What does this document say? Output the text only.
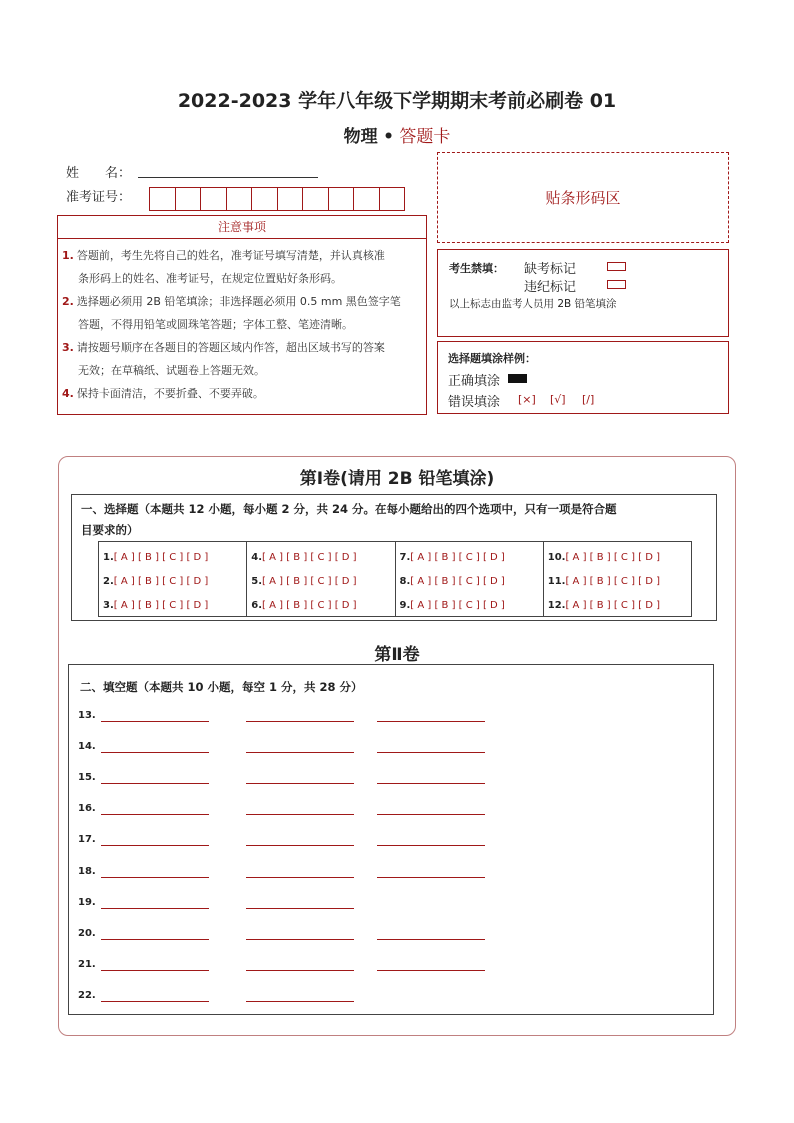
2022-2023 学年八年级下学期期末考前必刷卷 01
物理 • 答题卡
姓　　名：
准考证号：	贴条形码区
注意事项
1. 答题前，考生先将自己的姓名，准考证号填写清楚，并认真核准
条形码上的姓名、准考证号，在规定位置贴好条形码。
2. 选择题必须用 2B 铅笔填涂；非选择题必须用 0.5 mm 黑色签字笔
答题，不得用铅笔或圆珠笔答题；字体工整、笔迹清晰。
3. 请按题号顺序在各题目的答题区域内作答，超出区域书写的答案
无效；在草稿纸、试题卷上答题无效。
4. 保持卡面清洁，不要折叠、不要弄破。
考生禁填： 缺考标记
违纪标记
以上标志由监考人员用 2B 铅笔填涂
选择题填涂样例：
正确填涂
错误填涂 [×] [√] [/]
第Ⅰ卷(请用 2B 铅笔填涂)
一、选择题（本题共 12 小题，每小题 2 分，共 24 分。在每小题给出的四个选项中，只有一项是符合题
目要求的）
1.[ A ] [ B ] [ C ] [ D ]
2.[ A ] [ B ] [ C ] [ D ]
3.[ A ] [ B ] [ C ] [ D ]
4.[ A ] [ B ] [ C ] [ D ]
5.[ A ] [ B ] [ C ] [ D ]
6.[ A ] [ B ] [ C ] [ D ]
7.[ A ] [ B ] [ C ] [ D ]
8.[ A ] [ B ] [ C ] [ D ]
9.[ A ] [ B ] [ C ] [ D ]
10.[ A ] [ B ] [ C ] [ D ]
11.[ A ] [ B ] [ C ] [ D ]
12.[ A ] [ B ] [ C ] [ D ]
第Ⅱ卷
二、填空题（本题共 10 小题，每空 1 分，共 28 分）
13.
14.
15.
16.
17.
18.
19.
20.
21.
22.
